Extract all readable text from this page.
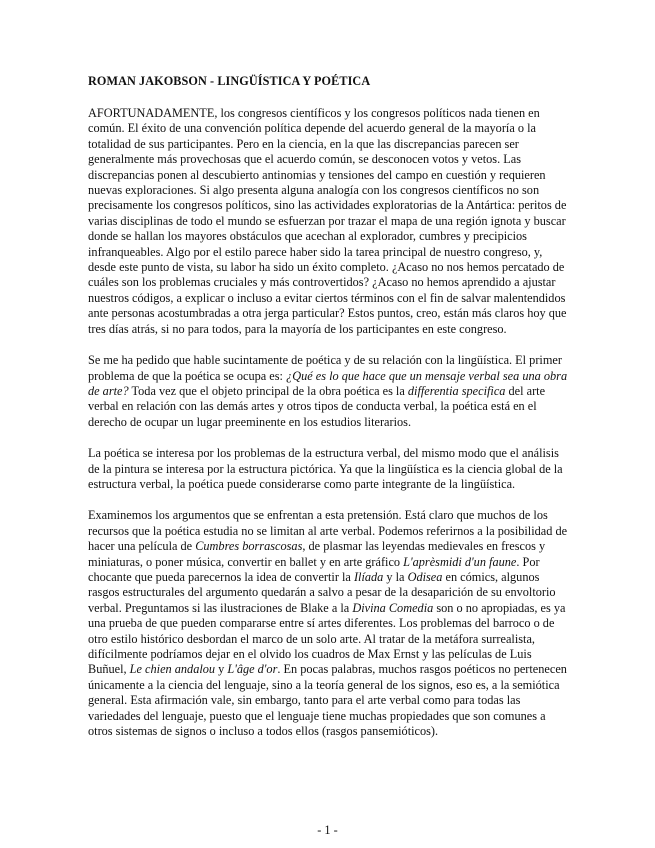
ROMAN JAKOBSON - LINGÜÍSTICA Y POÉTICA

AFORTUNADAMENTE, los congresos científicos y los congresos políticos nada tienen en común. El éxito de una convención política depende del acuerdo general de la mayoría o la totalidad de sus participantes. Pero en la ciencia, en la que las discrepancias parecen ser generalmente más provechosas que el acuerdo común, se desconocen votos y vetos. Las discrepancias ponen al descubierto antinomias y tensiones del campo en cuestión y requieren nuevas exploraciones. Si algo presenta alguna analogía con los congresos científicos no son precisamente los congresos políticos, sino las actividades exploratorias de la Antártica: peritos de varias disciplinas de todo el mundo se esfuerzan por trazar el mapa de una región ignota y buscar donde se hallan los mayores obstáculos que acechan al explorador, cumbres y precipicios infranqueables. Algo por el estilo parece haber sido la tarea principal de nuestro congreso, y, desde este punto de vista, su labor ha sido un éxito completo. ¿Acaso no nos hemos percatado de cuáles son los problemas cruciales y más controvertidos? ¿Acaso no hemos aprendido a ajustar nuestros códigos, a explicar o incluso a evitar ciertos términos con el fin de salvar malentendidos ante personas acostumbradas a otra jerga particular? Estos puntos, creo, están más claros hoy que tres días atrás, si no para todos, para la mayoría de los participantes en este congreso.

Se me ha pedido que hable sucintamente de poética y de su relación con la lingüística. El primer problema de que la poética se ocupa es: ¿Qué es lo que hace que un mensaje verbal sea una obra de arte? Toda vez que el objeto principal de la obra poética es la differentia specifica del arte verbal en relación con las demás artes y otros tipos de conducta verbal, la poética está en el derecho de ocupar un lugar preeminente en los estudios literarios.

La poética se interesa por los problemas de la estructura verbal, del mismo modo que el análisis de la pintura se interesa por la estructura pictórica. Ya que la lingüística es la ciencia global de la estructura verbal, la poética puede considerarse como parte integrante de la lingüística.

Examinemos los argumentos que se enfrentan a esta pretensión. Está claro que muchos de los recursos que la poética estudia no se limitan al arte verbal. Podemos referirnos a la posibilidad de hacer una película de Cumbres borrascosas, de plasmar las leyendas medievales en frescos y miniaturas, o poner música, convertir en ballet y en arte gráfico L'aprèsmidi d'un faune. Por chocante que pueda parecernos la idea de convertir la Ilíada y la Odisea en cómics, algunos rasgos estructurales del argumento quedarán a salvo a pesar de la desaparición de su envoltorio verbal. Preguntamos si las ilustraciones de Blake a la Divina Comedia son o no apropiadas, es ya una prueba de que pueden compararse entre sí artes diferentes. Los problemas del barroco o de otro estilo histórico desbordan el marco de un solo arte. Al tratar de la metáfora surrealista, difícilmente podríamos dejar en el olvido los cuadros de Max Ernst y las películas de Luis Buñuel, Le chien andalou y L'âge d'or. En pocas palabras, muchos rasgos poéticos no pertenecen únicamente a la ciencia del lenguaje, sino a la teoría general de los signos, eso es, a la semiótica general. Esta afirmación vale, sin embargo, tanto para el arte verbal como para todas las variedades del lenguaje, puesto que el lenguaje tiene muchas propiedades que son comunes a otros sistemas de signos o incluso a todos ellos (rasgos pansemióticos).

- 1 -
